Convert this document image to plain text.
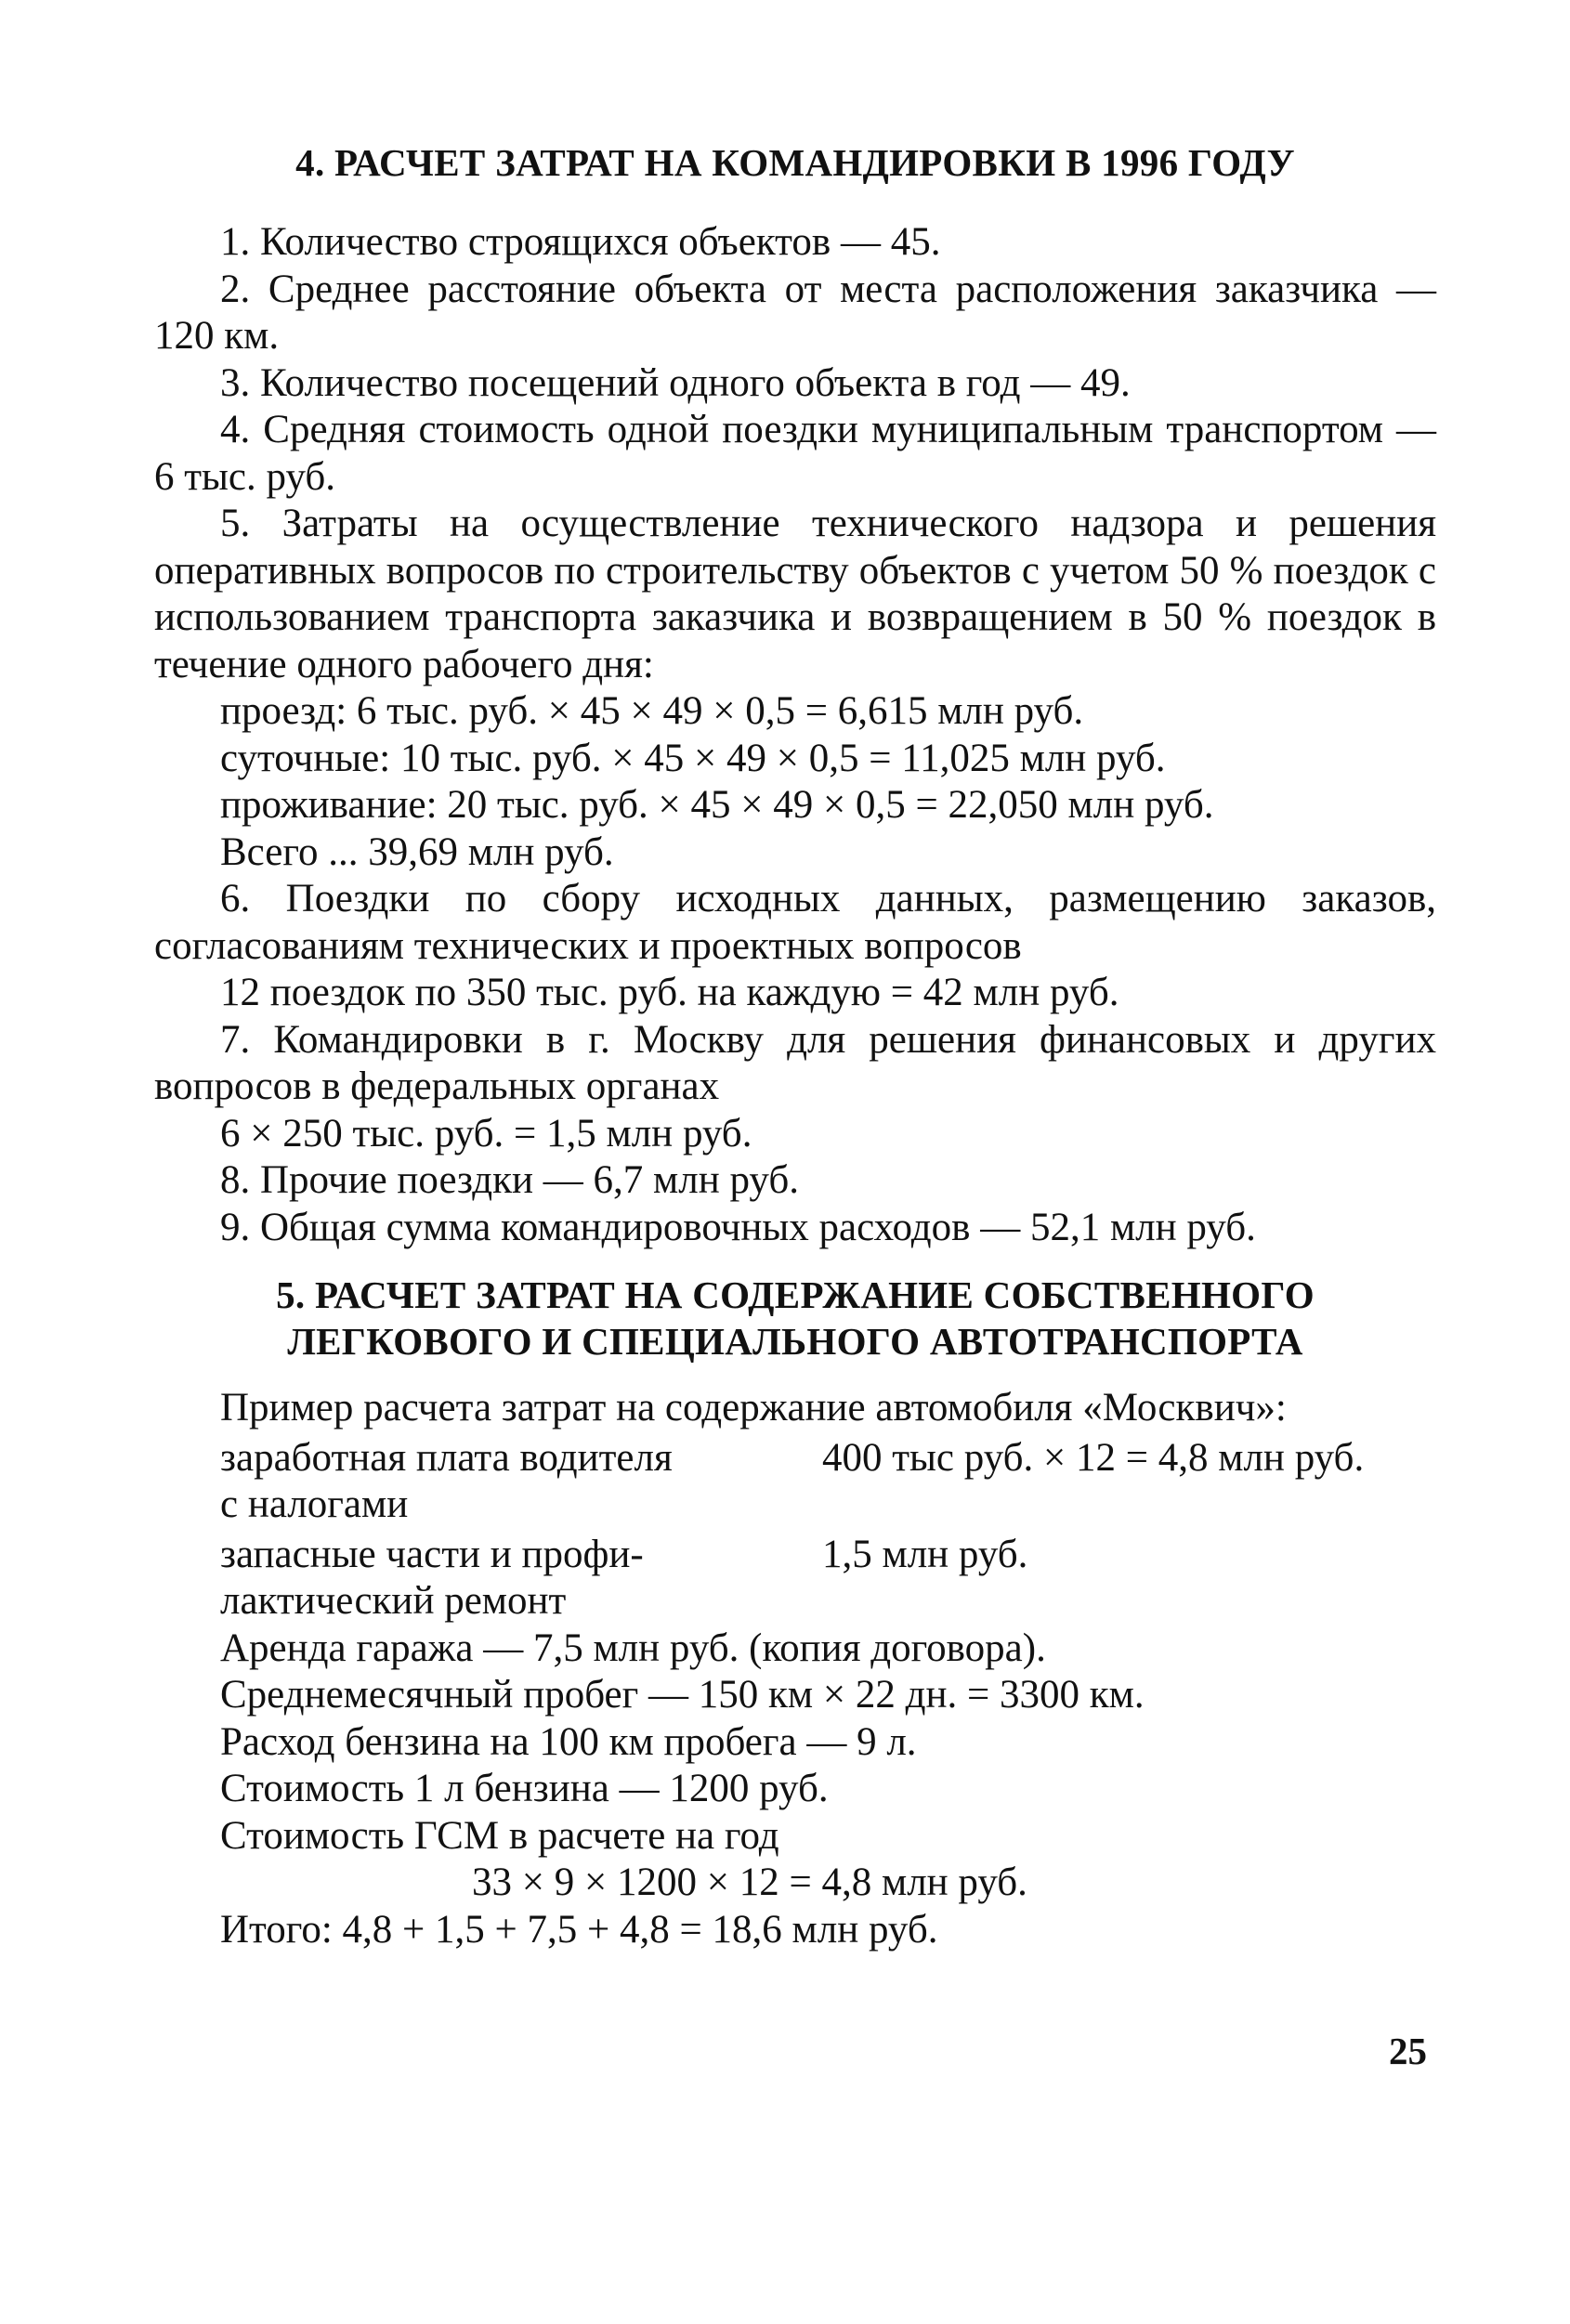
4. РАСЧЕТ ЗАТРАТ НА КОМАНДИРОВКИ В 1996 ГОДУ
1. Количество строящихся объектов — 45.
2. Среднее расстояние объекта от места расположения заказчика — 120 км.
3. Количество посещений одного объекта в год — 49.
4. Средняя стоимость одной поездки муниципальным транспортом — 6 тыс. руб.
5. Затраты на осуществление технического надзора и решения оперативных вопросов по строительству объектов с учетом 50 % поездок с использованием транспорта заказчика и возвращением в 50 % поездок в течение одного рабочего дня:
проезд: 6 тыс. руб. × 45 × 49 × 0,5 = 6,615 млн руб.
суточные: 10 тыс. руб. × 45 × 49 × 0,5 = 11,025 млн руб.
проживание: 20 тыс. руб. × 45 × 49 × 0,5 = 22,050 млн руб.
Всего ... 39,69 млн руб.
6. Поездки по сбору исходных данных, размещению заказов, согласованиям технических и проектных вопросов
12 поездок по 350 тыс. руб. на каждую = 42 млн руб.
7. Командировки в г. Москву для решения финансовых и других вопросов в федеральных органах
6 × 250 тыс. руб. = 1,5 млн руб.
8. Прочие поездки — 6,7 млн руб.
9. Общая сумма командировочных расходов — 52,1 млн руб.
5. РАСЧЕТ ЗАТРАТ НА СОДЕРЖАНИЕ СОБСТВЕННОГО
ЛЕГКОВОГО И СПЕЦИАЛЬНОГО АВТОТРАНСПОРТА
Пример расчета затрат на содержание автомобиля «Москвич»:
заработная плата водителя	400 тыс руб. × 12 = 4,8 млн руб.
с налогами
запасные части и профи-	1,5 млн руб.
лактический ремонт
Аренда гаража — 7,5 млн руб. (копия договора).
Среднемесячный пробег — 150 км × 22 дн. = 3300 км.
Расход бензина на 100 км пробега — 9 л.
Стоимость 1 л бензина — 1200 руб.
Стоимость ГСМ в расчете на год
33 × 9 × 1200 × 12 = 4,8 млн руб.
Итого: 4,8 + 1,5 + 7,5 + 4,8 = 18,6 млн руб.
25
